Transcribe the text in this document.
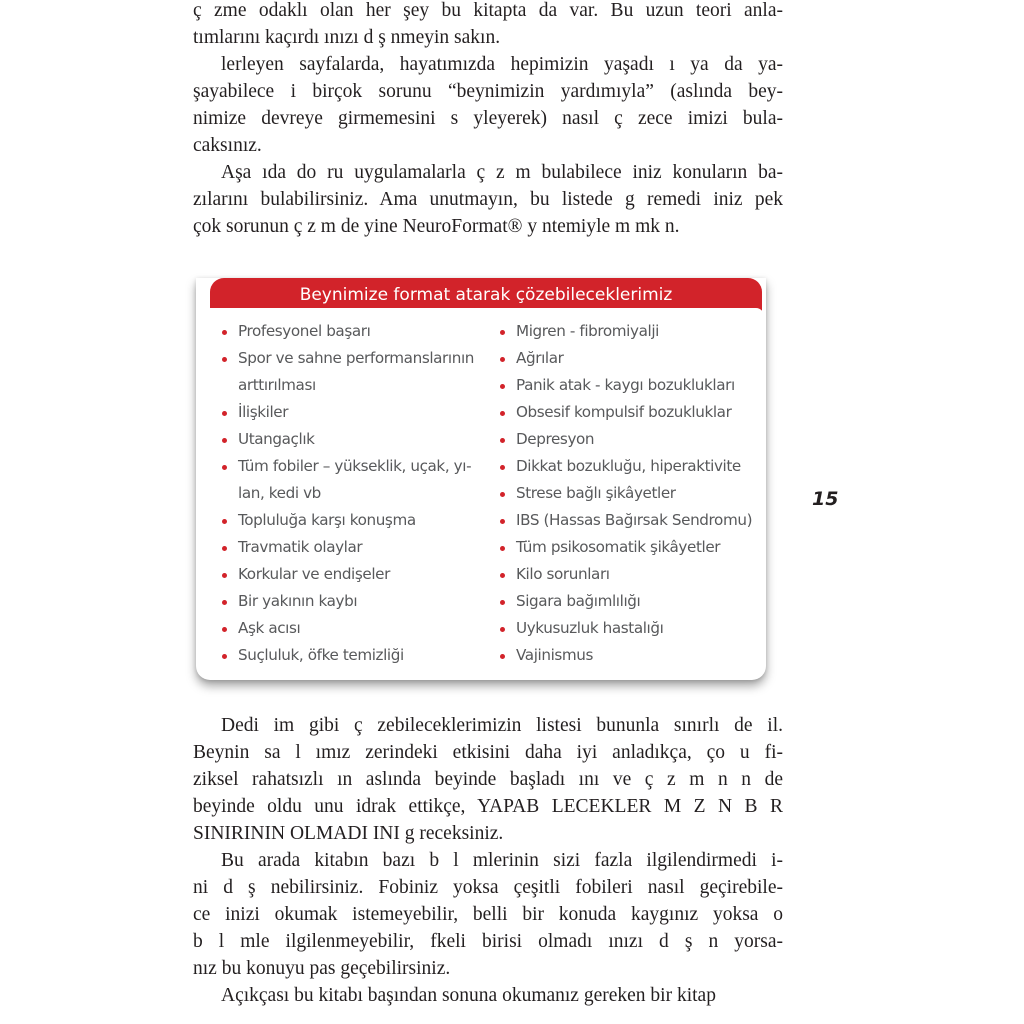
ç zme odaklı olan her şey bu kitapta da var. Bu uzun teori anla-
tımlarını kaçırdı ınızı d ş nmeyin sakın.

lerleyen sayfalarda, hayatımızda hepimizin yaşadı ı ya da ya-
şayabilece i birçok sorunu “beynimizin yardımıyla” (aslında bey-
nimize devreye girmemesini s yleyerek) nasıl ç zece imizi bula-
caksınız.

Aşa ıda do ru uygulamalarla ç z m bulabilece iniz konuların ba-
zılarını bulabilirsiniz. Ama unutmayın, bu listede g remedi iniz pek
çok sorunun ç z m de yine NeuroFormat® y ntemiyle m mk n.

Beynimize format atarak çözebileceklerimiz
Profesyonel başarı
Spor ve sahne performanslarının
arttırılması
İlişkiler
Utangaçlık
Tüm fobiler – yükseklik, uçak, yı-
lan, kedi vb
Topluluğa karşı konuşma
Travmatik olaylar
Korkular ve endişeler
Bir yakının kaybı
Aşk acısı
Suçluluk, öfke temizliği
Migren - fibromiyalji
Ağrılar
Panik atak - kaygı bozuklukları
Obsesif kompulsif bozukluklar
Depresyon
Dikkat bozukluğu, hiperaktivite
Strese bağlı şikâyetler
IBS (Hassas Bağırsak Sendromu)
Tüm psikosomatik şikâyetler
Kilo sorunları
Sigara bağımlılığı
Uykusuzluk hastalığı
Vajinismus
15

Dedi im gibi ç zebileceklerimizin listesi bununla sınırlı de il.
Beynin sa l ımız zerindeki etkisini daha iyi anladıkça, ço u fi-
ziksel rahatsızlı ın aslında beyinde başladı ını ve ç z m n n de
beyinde oldu unu idrak ettikçe, YAPAB LECEKLER M Z N B R
SINIRININ OLMADI INI g receksiniz.

Bu arada kitabın bazı b l mlerinin sizi fazla ilgilendirmedi i-
ni d ş nebilirsiniz. Fobiniz yoksa çeşitli fobileri nasıl geçirebile-
ce inizi okumak istemeyebilir, belli bir konuda kaygınız yoksa o
b l mle ilgilenmeyebilir, fkeli birisi olmadı ınızı d ş n yorsa-
nız bu konuyu pas geçebilirsiniz.

Açıkçası bu kitabı başından sonuna okumanız gereken bir kitap
